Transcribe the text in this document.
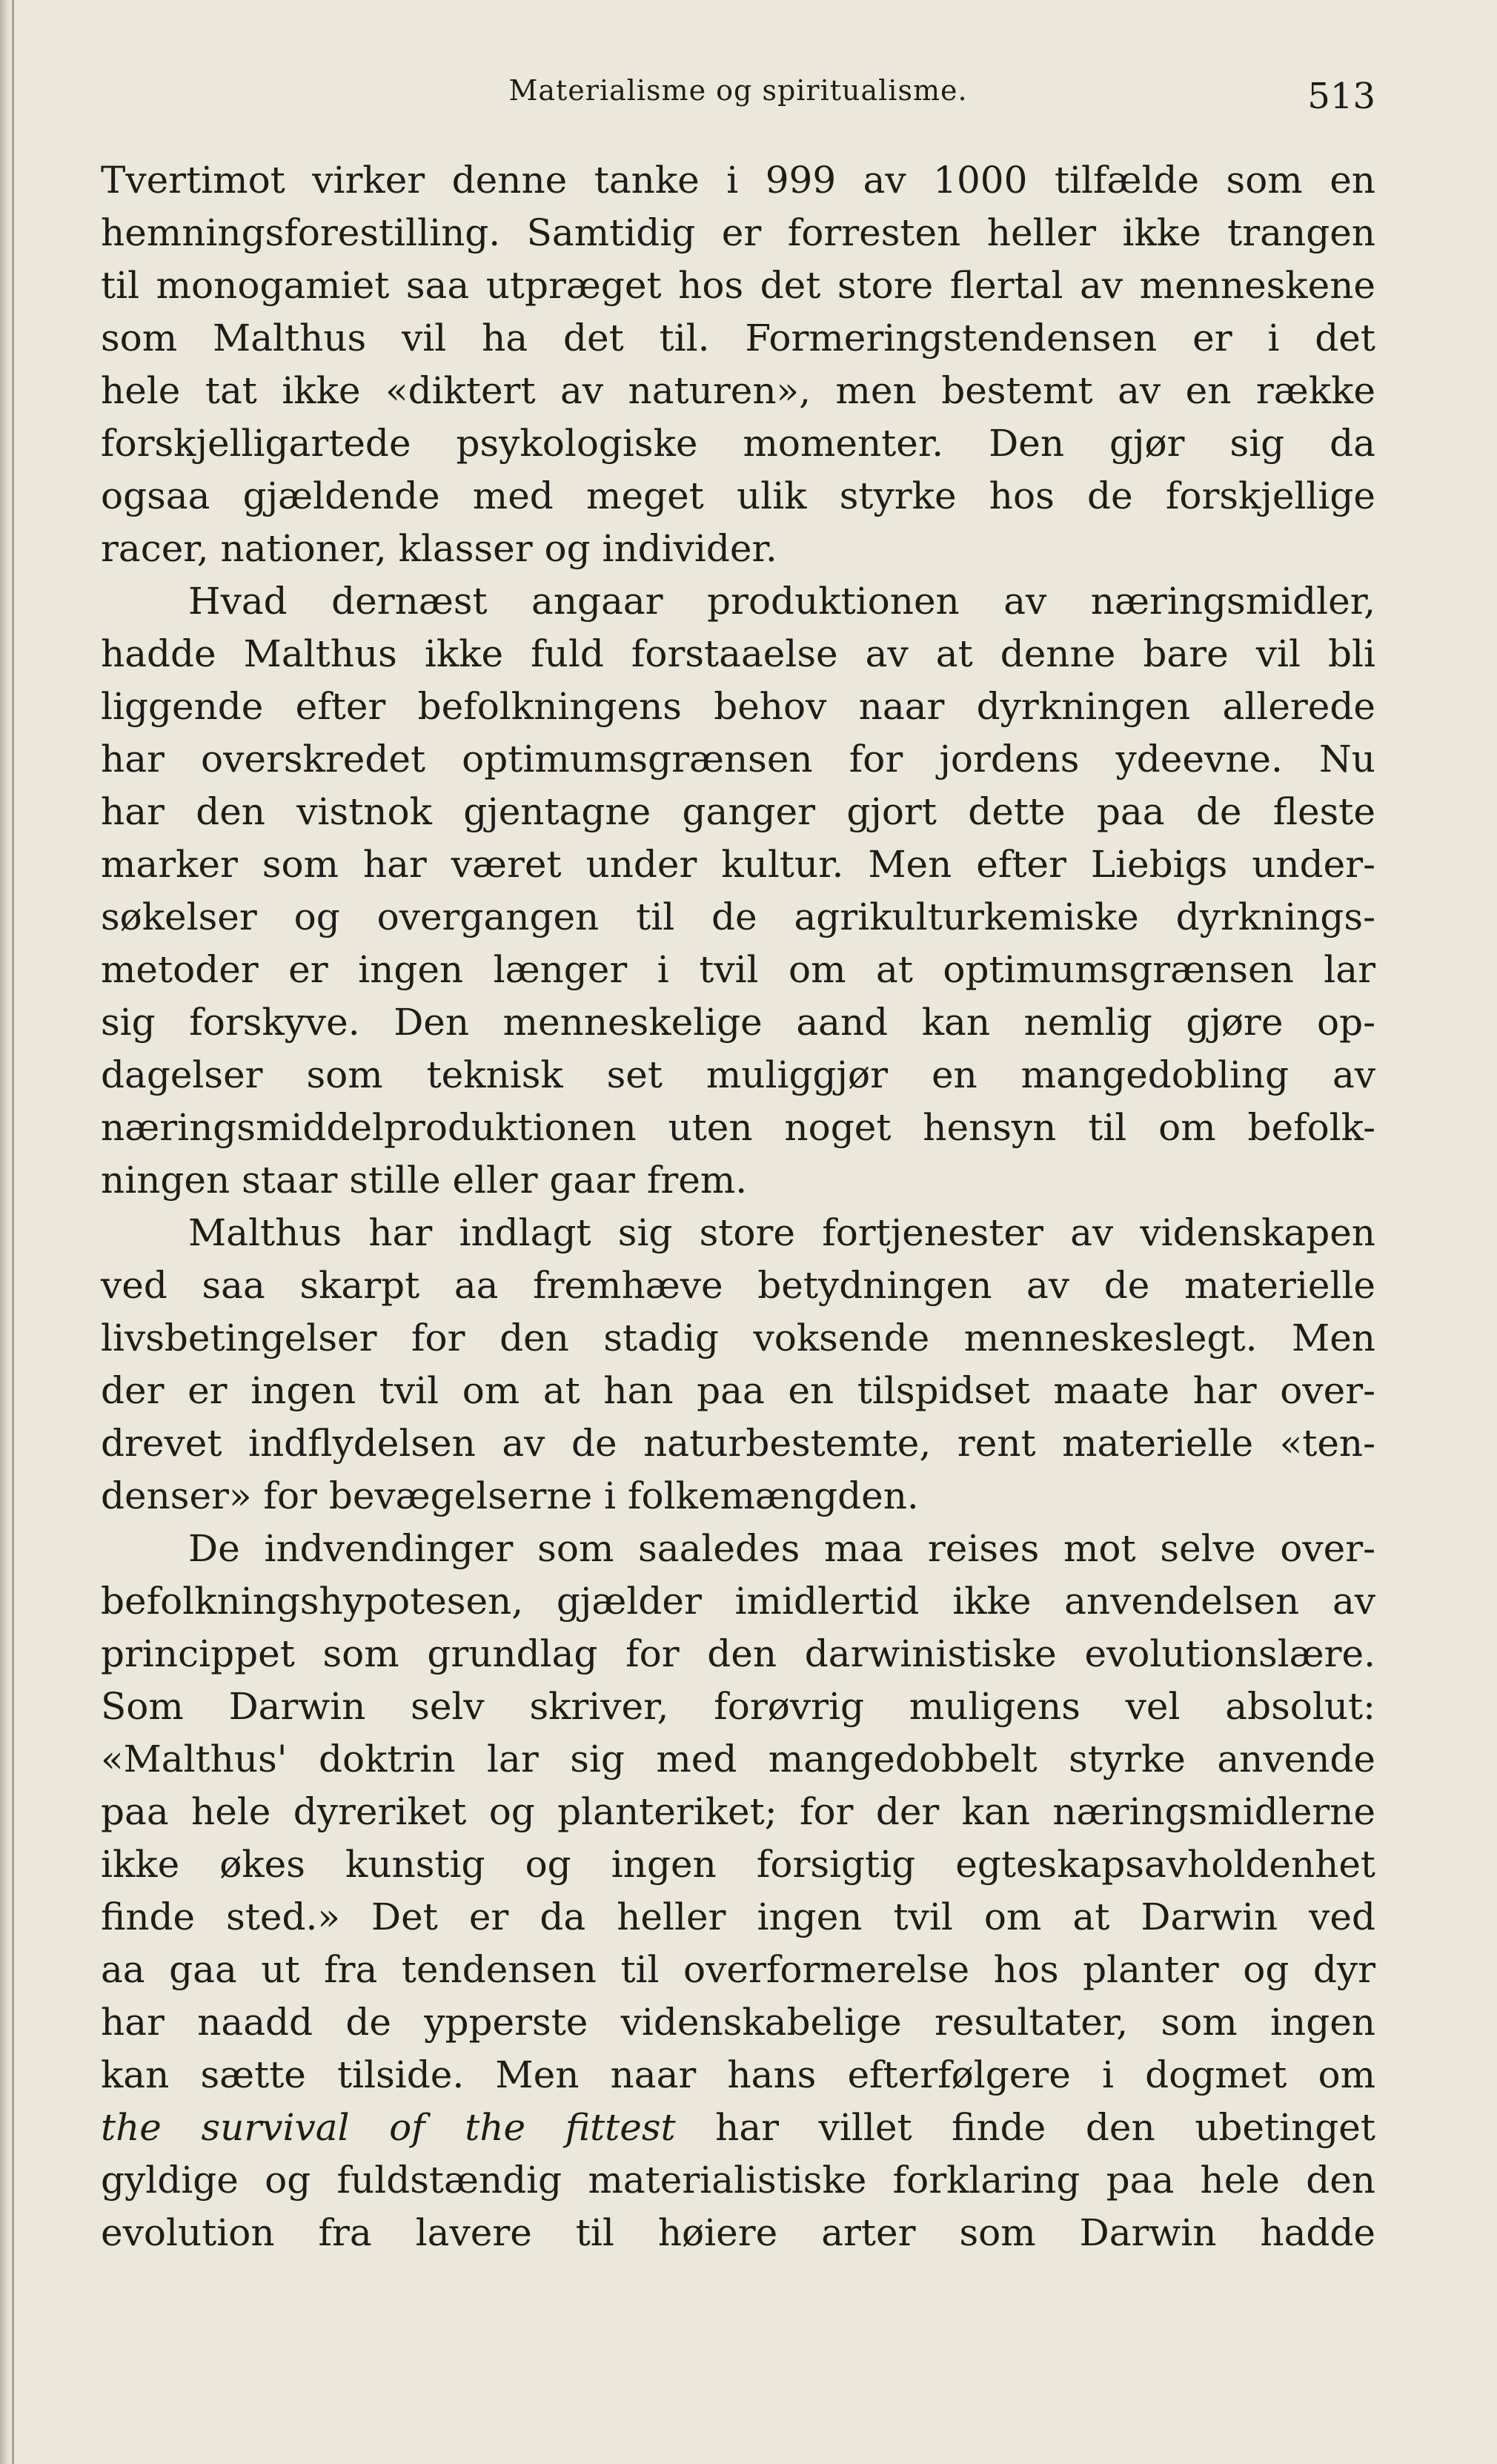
Materialisme og spiritualisme.	513
Tvertimot virker denne tanke i 999 av 1000 tilfælde som en
hemningsforestilling. Samtidig er forresten heller ikke trangen
til monogamiet saa utpræget hos det store flertal av menneskene
som Malthus vil ha det til. Formeringstendensen er i det
hele tat ikke «diktert av naturen», men bestemt av en række
forskjelligartede psykologiske momenter. Den gjør sig da
ogsaa gjældende med meget ulik styrke hos de forskjellige
racer, nationer, klasser og individer.
Hvad dernæst angaar produktionen av næringsmidler,
hadde Malthus ikke fuld forstaaelse av at denne bare vil bli
liggende efter befolkningens behov naar dyrkningen allerede
har overskredet optimumsgrænsen for jordens ydeevne. Nu
har den vistnok gjentagne ganger gjort dette paa de fleste
marker som har været under kultur. Men efter Liebigs under-
søkelser og overgangen til de agrikulturkemiske dyrknings-
metoder er ingen længer i tvil om at optimumsgrænsen lar
sig forskyve. Den menneskelige aand kan nemlig gjøre op-
dagelser som teknisk set muliggjør en mangedobling av
næringsmiddelproduktionen uten noget hensyn til om befolk-
ningen staar stille eller gaar frem.
Malthus har indlagt sig store fortjenester av videnskapen
ved saa skarpt aa fremhæve betydningen av de materielle
livsbetingelser for den stadig voksende menneskeslegt. Men
der er ingen tvil om at han paa en tilspidset maate har over-
drevet indflydelsen av de naturbestemte, rent materielle «ten-
denser» for bevægelserne i folkemængden.
De indvendinger som saaledes maa reises mot selve over-
befolkningshypotesen, gjælder imidlertid ikke anvendelsen av
princippet som grundlag for den darwinistiske evolutionslære.
Som Darwin selv skriver, forøvrig muligens vel absolut:
«Malthus' doktrin lar sig med mangedobbelt styrke anvende
paa hele dyreriket og planteriket; for der kan næringsmidlerne
ikke økes kunstig og ingen forsigtig egteskapsavholdenhet
finde sted.» Det er da heller ingen tvil om at Darwin ved
aa gaa ut fra tendensen til overformerelse hos planter og dyr
har naadd de ypperste videnskabelige resultater, som ingen
kan sætte tilside. Men naar hans efterfølgere i dogmet om
the survival of the fittest har villet finde den ubetinget
gyldige og fuldstændig materialistiske forklaring paa hele den
evolution fra lavere til høiere arter som Darwin hadde
